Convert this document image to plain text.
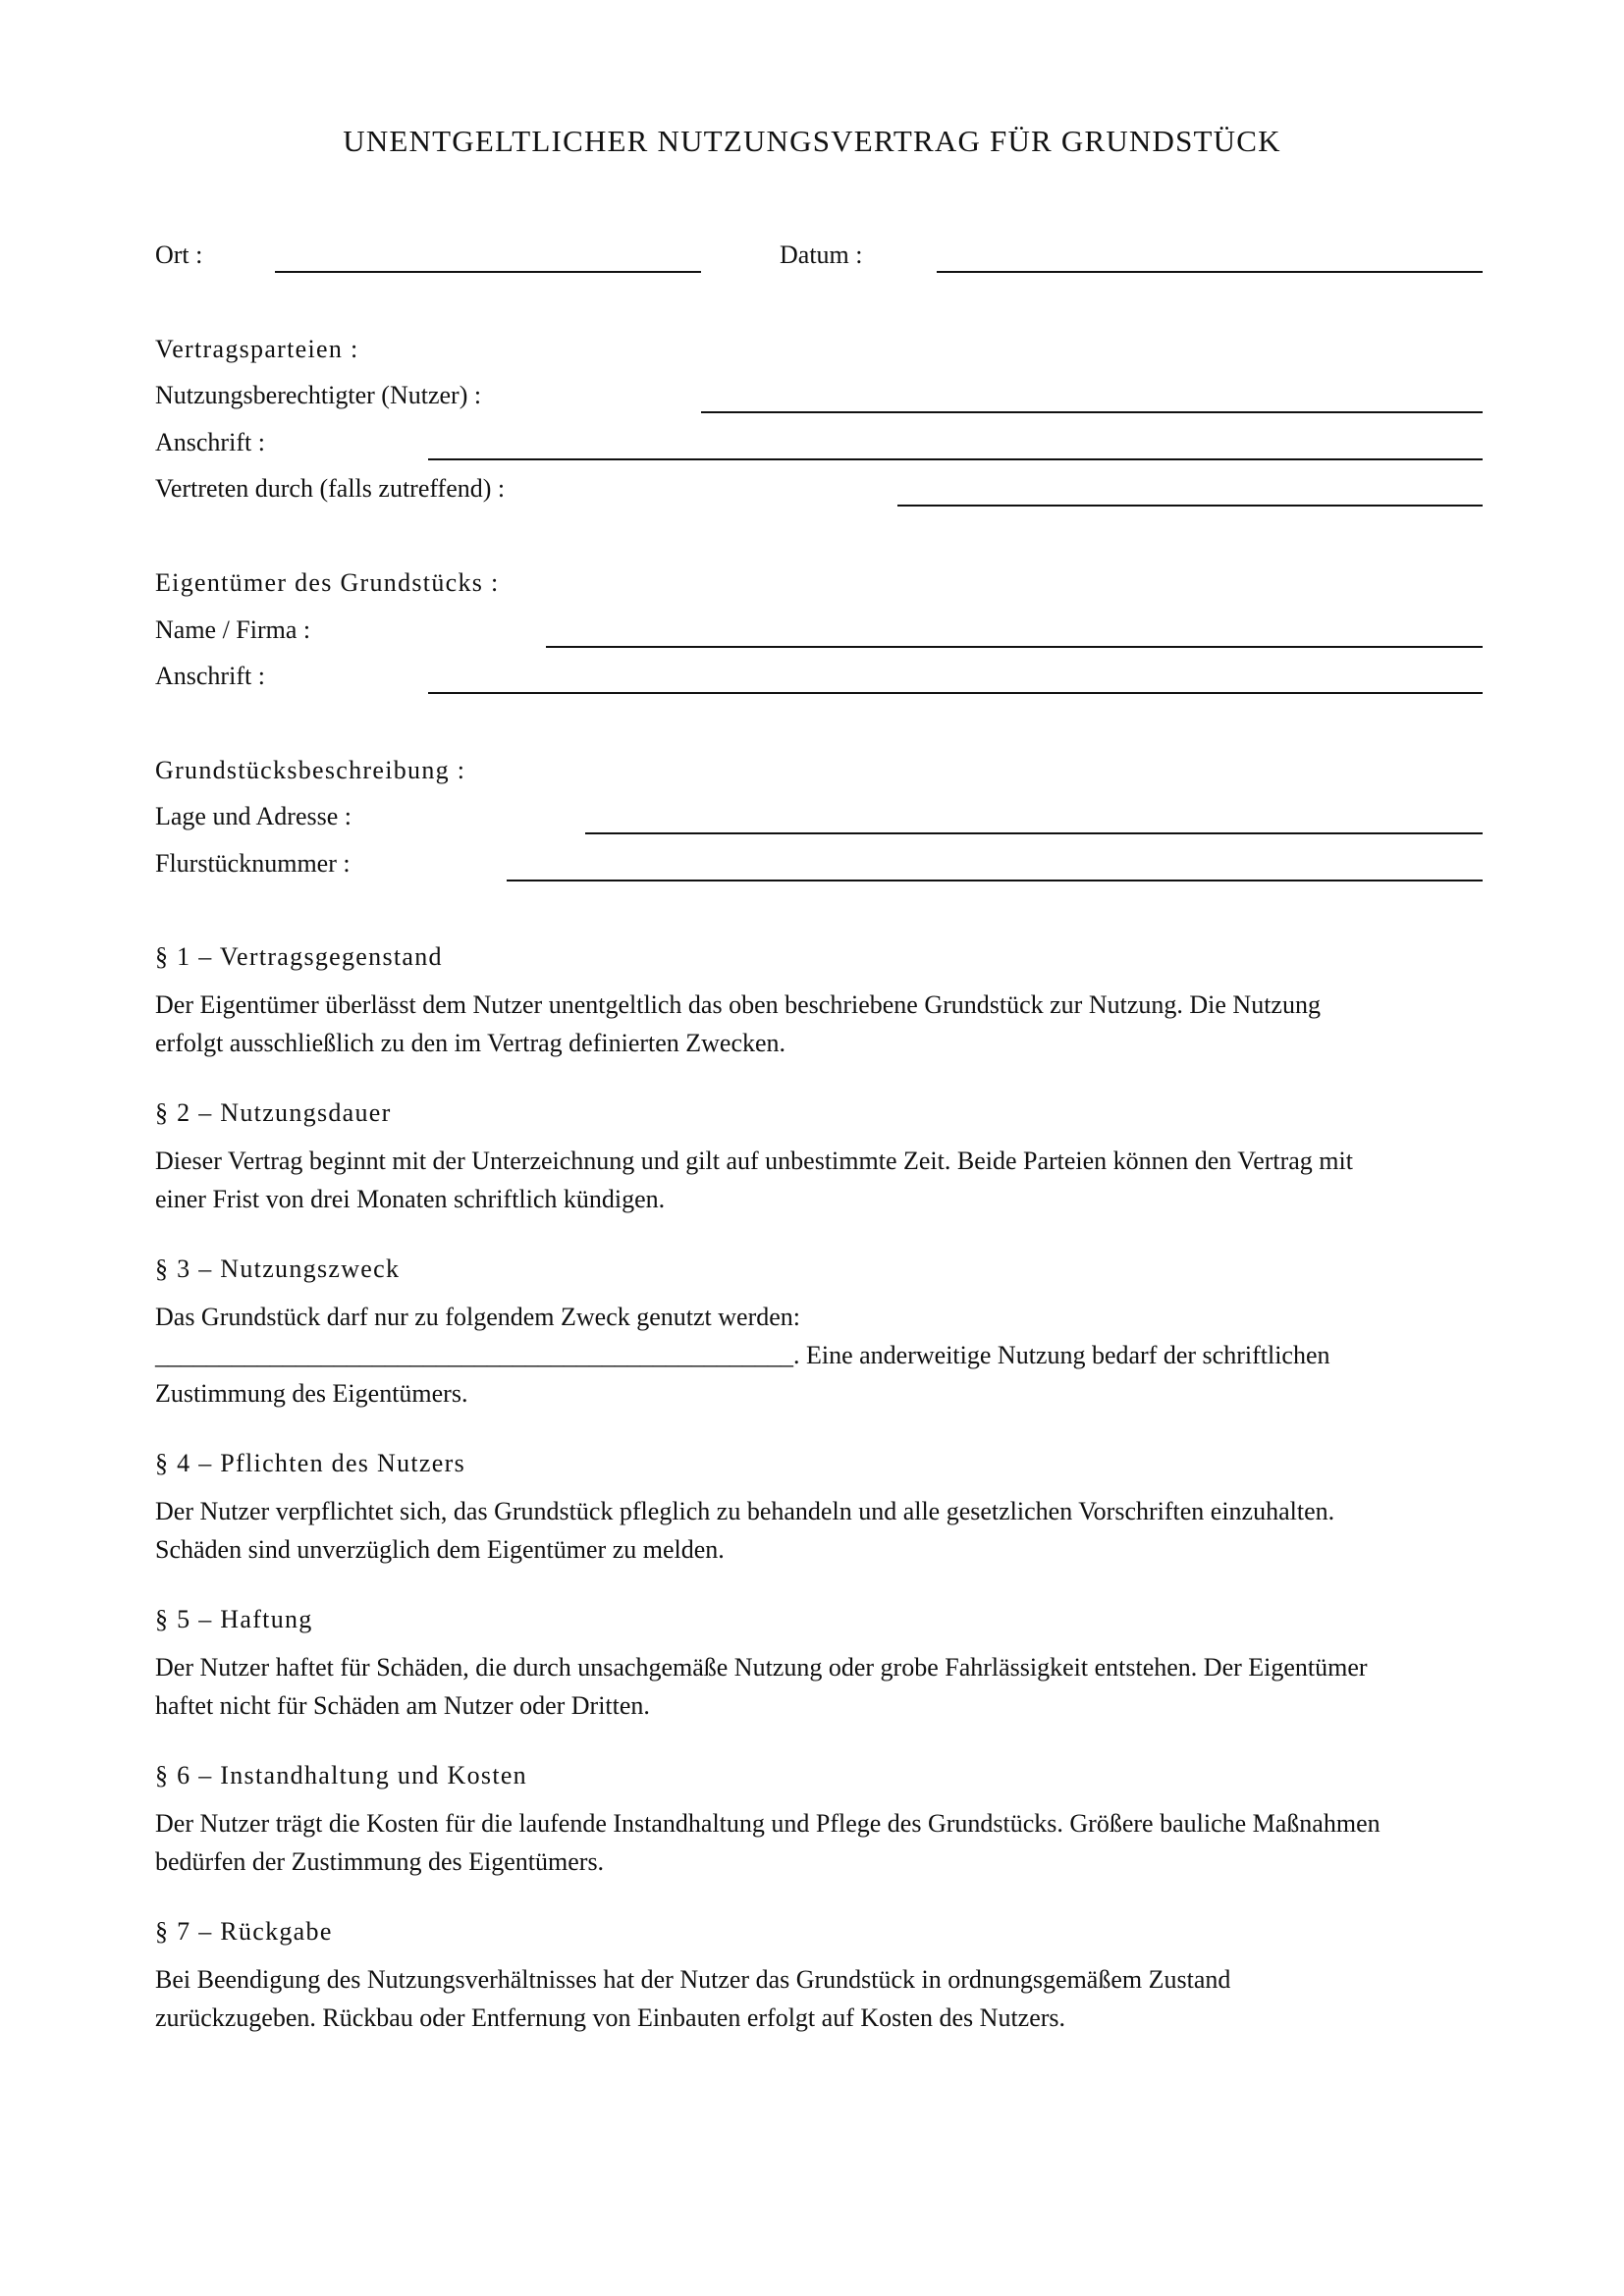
UNENTGELTLICHER NUTZUNGSVERTRAG FÜR GRUNDSTÜCK
Ort :	Datum :
Vertragsparteien :
Nutzungsberechtigter (Nutzer) :
Anschrift :
Vertreten durch (falls zutreffend) :
Eigentümer des Grundstücks :
Name / Firma :
Anschrift :
Grundstücksbeschreibung :
Lage und Adresse :
Flurstücknummer :
§ 1 – Vertragsgegenstand

Der Eigentümer überlässt dem Nutzer unentgeltlich das oben beschriebene Grundstück zur Nutzung. Die Nutzung
erfolgt ausschließlich zu den im Vertrag definierten Zwecken.

§ 2 – Nutzungsdauer

Dieser Vertrag beginnt mit der Unterzeichnung und gilt auf unbestimmte Zeit. Beide Parteien können den Vertrag mit
einer Frist von drei Monaten schriftlich kündigen.

§ 3 – Nutzungszweck

Das Grundstück darf nur zu folgendem Zweck genutzt werden:
__________________________________________________. Eine anderweitige Nutzung bedarf der schriftlichen
Zustimmung des Eigentümers.

§ 4 – Pflichten des Nutzers

Der Nutzer verpflichtet sich, das Grundstück pfleglich zu behandeln und alle gesetzlichen Vorschriften einzuhalten.
Schäden sind unverzüglich dem Eigentümer zu melden.

§ 5 – Haftung

Der Nutzer haftet für Schäden, die durch unsachgemäße Nutzung oder grobe Fahrlässigkeit entstehen. Der Eigentümer
haftet nicht für Schäden am Nutzer oder Dritten.

§ 6 – Instandhaltung und Kosten

Der Nutzer trägt die Kosten für die laufende Instandhaltung und Pflege des Grundstücks. Größere bauliche Maßnahmen
bedürfen der Zustimmung des Eigentümers.

§ 7 – Rückgabe

Bei Beendigung des Nutzungsverhältnisses hat der Nutzer das Grundstück in ordnungsgemäßem Zustand
zurückzugeben. Rückbau oder Entfernung von Einbauten erfolgt auf Kosten des Nutzers.
